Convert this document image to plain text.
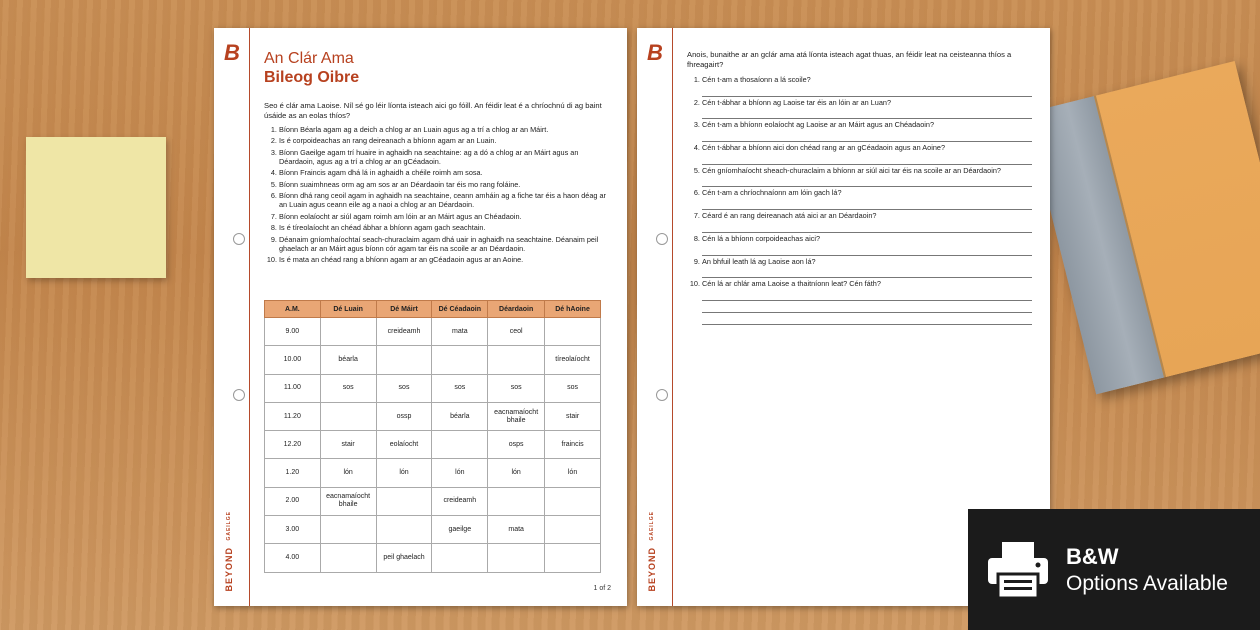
B
BEYOND GAEILGE
An Clár Ama
Bileog Oibre
Seo é clár ama Laoise. Níl sé go léir líonta isteach aici go fóill. An féidir leat é a chríochnú di ag baint úsáide as an eolas thíos?
1. Bíonn Béarla agam ag a deich a chlog ar an Luain agus ag a trí a chlog ar an Máirt.
2. Is é corpoideachas an rang deireanach a bhíonn agam ar an Luain.
3. Bíonn Gaeilge agam trí huaire in aghaidh na seachtaine: ag a dó a chlog ar an Máirt agus an Déardaoin, agus ag a trí a chlog ar an gCéadaoin.
4. Bíonn Fraincis agam dhá lá in aghaidh a chéile roimh am sosa.
5. Bíonn suaimhneas orm ag am sos ar an Déardaoin tar éis mo rang foláine.
6. Bíonn dhá rang ceoil agam in aghaidh na seachtaine, ceann amháin ag a fiche tar éis a haon déag ar an Luain agus ceann eile ag a naoi a chlog ar an Déardaoin.
7. Bíonn eolaíocht ar siúl agam roimh am lóin ar an Máirt agus an Chéadaoin.
8. Is é tíreolaíocht an chéad ábhar a bhíonn agam gach seachtain.
9. Déanaim gníomhaíochtaí seach-churaclaim agam dhá uair in aghaidh na seachtaine. Déanaim peil ghaelach ar an Máirt agus bíonn cór agam tar éis na scoile ar an Déardaoin.
10. Is é mata an chéad rang a bhíonn agam ar an gCéadaoin agus ar an Aoine.
A.M.	Dé Luain	Dé Máirt	Dé Céadaoin	Déardaoin	Dé hAoine
9.00		creideamh	mata	ceol	
10.00	béarla				tíreolaíocht
11.00	sos	sos	sos	sos	sos
11.20		ossp	béarla	eacnamaíocht bhaile	stair
12.20	stair	eolaíocht		osps	fraincis
1.20	lón	lón	lón	lón	lón
2.00	eacnamaíocht bhaile		creideamh		
3.00			gaeilge	mata	
4.00		peil ghaelach			
1 of 2
B
BEYOND GAEILGE
Anois, bunaithe ar an gclár ama atá líonta isteach agat thuas, an féidir leat na ceisteanna thíos a fhreagairt?
1. Cén t-am a thosaíonn a lá scoile?
2. Cén t-ábhar a bhíonn ag Laoise tar éis an lóin ar an Luan?
3. Cén t-am a bhíonn eolaíocht ag Laoise ar an Máirt agus an Chéadaoin?
4. Cén t-ábhar a bhíonn aici don chéad rang ar an gCéadaoin agus an Aoine?
5. Cén gníomhaíocht sheach-churaclaim a bhíonn ar siúl aici tar éis na scoile ar an Déardaoin?
6. Cén t-am a chríochnaíonn am lóin gach lá?
7. Céard é an rang deireanach atá aici ar an Déardaoin?
8. Cén lá a bhíonn corpoideachas aici?
9. An bhfuil leath lá ag Laoise aon lá?
10. Cén lá ar chlár ama Laoise a thaitníonn leat? Cén fáth?
B&W
Options Available
